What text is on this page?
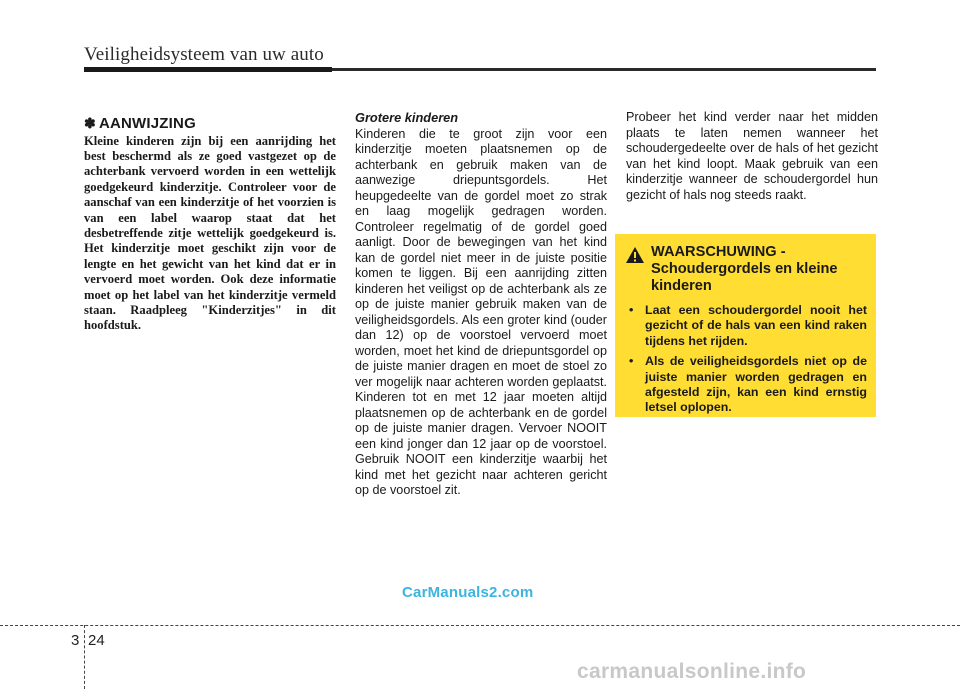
Veiligheidsysteem van uw auto
✽ AANWIJZING

Kleine kinderen zijn bij een aanrijding het best beschermd als ze goed vastgezet op de achterbank vervoerd worden in een wettelijk goedgekeurd kinderzitje. Controleer voor de aanschaf van een kinderzitje of het voorzien is van een label waarop staat dat het desbetreffende zitje wettelijk goedgekeurd is. Het kinderzitje moet geschikt zijn voor de lengte en het gewicht van het kind dat er in vervoerd moet worden. Ook deze informatie moet op het label van het kinderzitje vermeld staan. Raadpleeg "Kinderzitjes" in dit hoofdstuk.

Grotere kinderen

Kinderen die te groot zijn voor een kinderzitje moeten plaatsnemen op de achterbank en gebruik maken van de aanwezige driepuntsgordels. Het heupgedeelte van de gordel moet zo strak en laag mogelijk gedragen worden. Controleer regelmatig of de gordel goed aanligt. Door de bewegingen van het kind kan de gordel niet meer in de juiste positie komen te liggen. Bij een aanrijding zitten kinderen het veiligst op de achterbank als ze op de juiste manier gebruik maken van de veiligheidsgordels. Als een groter kind (ouder dan 12) op de voorstoel vervoerd moet worden, moet het kind de driepuntsgordel op de juiste manier dragen en moet de stoel zo ver mogelijk naar achteren worden geplaatst. Kinderen tot en met 12 jaar moeten altijd plaatsnemen op de achterbank en de gordel op de juiste manier dragen. Vervoer NOOIT een kind jonger dan 12 jaar op de voorstoel. Gebruik NOOIT een kinderzitje waarbij het kind met het gezicht naar achteren gericht op de voorstoel zit.

Probeer het kind verder naar het midden plaats te laten nemen wanneer het schoudergedeelte over de hals of het gezicht van het kind loopt. Maak gebruik van een kinderzitje wanneer de schoudergordel hun gezicht of hals nog steeds raakt.

WAARSCHUWING -
Schoudergordels en kleine kinderen
• Laat een schoudergordel nooit het gezicht of de hals van een kind raken tijdens het rijden.
• Als de veiligheidsgordels niet op de juiste manier worden gedragen en afgesteld zijn, kan een kind ernstig letsel oplopen.
CarManuals2.com
3 24
carmanualsonline.info
